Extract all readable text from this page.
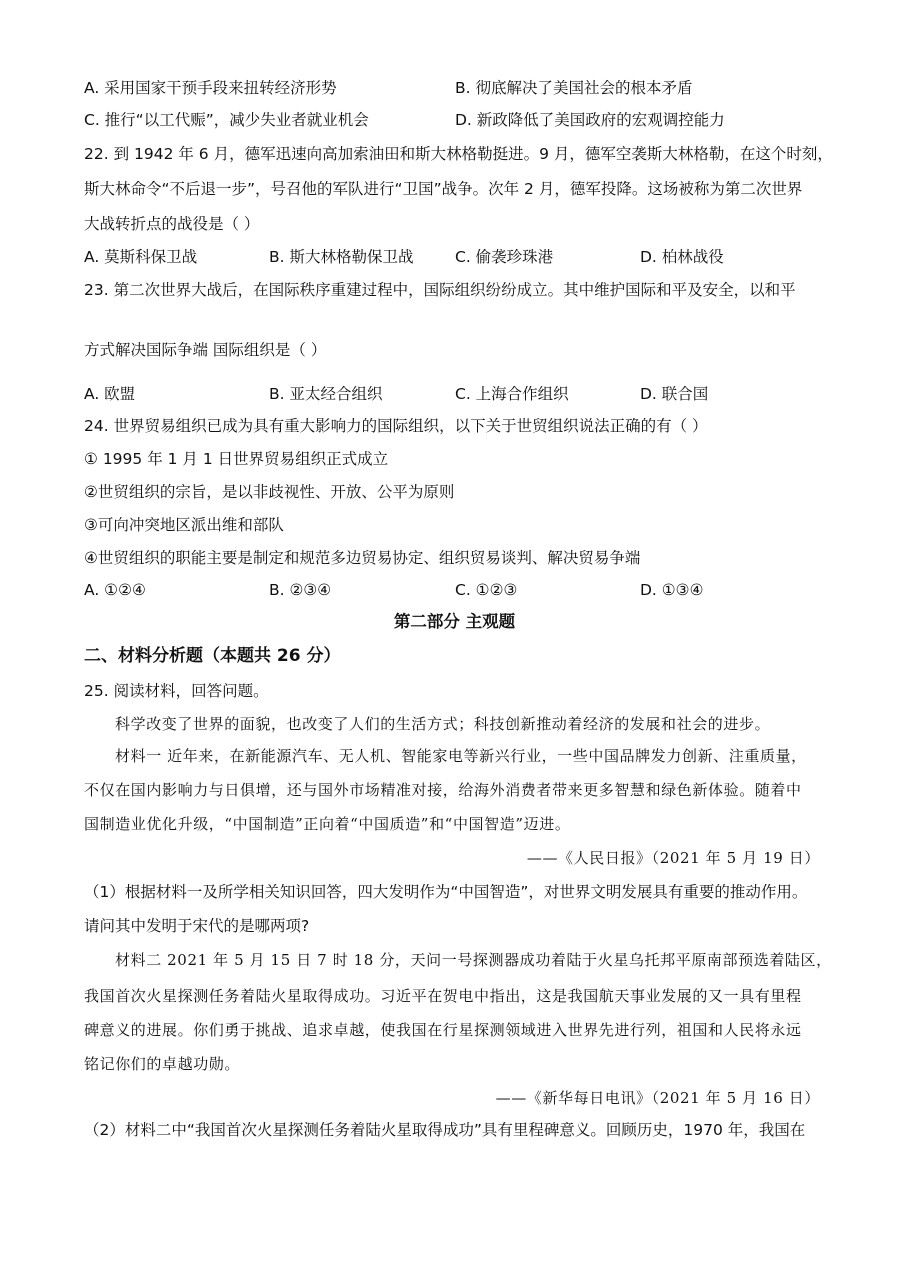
A. 采用国家干预手段来扭转经济形势	B. 彻底解决了美国社会的根本矛盾
C. 推行“以工代赈”，减少失业者就业机会	D. 新政降低了美国政府的宏观调控能力
22. 到 1942 年 6 月，德军迅速向高加索油田和斯大林格勒挺进。9 月，德军空袭斯大林格勒，在这个时刻，
斯大林命令“不后退一步”，号召他的军队进行“卫国”战争。次年 2 月，德军投降。这场被称为第二次世界
大战转折点的战役是（ ）
A. 莫斯科保卫战	B. 斯大林格勒保卫战	C. 偷袭珍珠港	D. 柏林战役
23. 第二次世界大战后，在国际秩序重建过程中，国际组织纷纷成立。其中维护国际和平及安全，以和平
方式解决国际争端 国际组织是（ ）
A. 欧盟	B. 亚太经合组织	C. 上海合作组织	D. 联合国
24. 世界贸易组织已成为具有重大影响力的国际组织，以下关于世贸组织说法正确的有（ ）
① 1995 年 1 月 1 日世界贸易组织正式成立
②世贸组织的宗旨，是以非歧视性、开放、公平为原则
③可向冲突地区派出维和部队
④世贸组织的职能主要是制定和规范多边贸易协定、组织贸易谈判、解决贸易争端
A. ①②④	B. ②③④	C. ①②③	D. ①③④
第二部分 主观题
二、材料分析题（本题共 26 分）
25. 阅读材料，回答问题。
科学改变了世界的面貌，也改变了人们的生活方式；科技创新推动着经济的发展和社会的进步。
材料一 近年来，在新能源汽车、无人机、智能家电等新兴行业，一些中国品牌发力创新、注重质量，
不仅在国内影响力与日俱增，还与国外市场精准对接，给海外消费者带来更多智慧和绿色新体验。随着中
国制造业优化升级，“中国制造”正向着“中国质造”和“中国智造”迈进。
——《人民日报》（2021 年 5 月 19 日）
（1）根据材料一及所学相关知识回答，四大发明作为“中国智造”，对世界文明发展具有重要的推动作用。
请问其中发明于宋代的是哪两项?
材料二 2021 年 5 月 15 日 7 时 18 分，天问一号探测器成功着陆于火星乌托邦平原南部预选着陆区，
我国首次火星探测任务着陆火星取得成功。习近平在贺电中指出，这是我国航天事业发展的又一具有里程
碑意义的进展。你们勇于挑战、追求卓越，使我国在行星探测领域进入世界先进行列，祖国和人民将永远
铭记你们的卓越功勋。
——《新华每日电讯》（2021 年 5 月 16 日）
（2）材料二中“我国首次火星探测任务着陆火星取得成功”具有里程碑意义。回顾历史，1970 年，我国在
